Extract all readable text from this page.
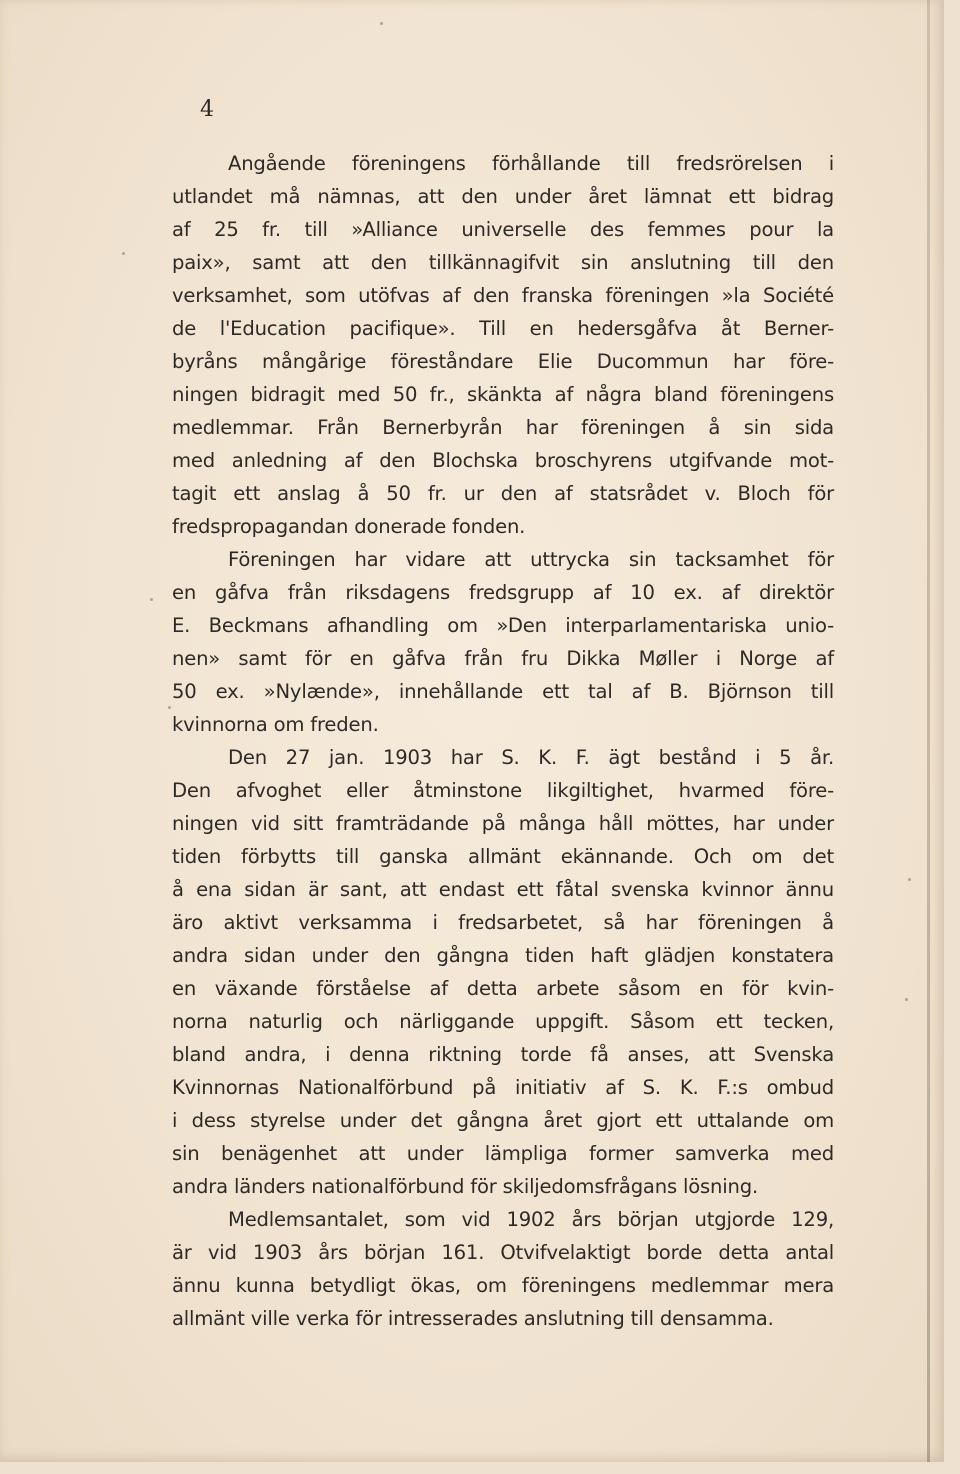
4
Angående föreningens förhållande till fredsrörelsen i
utlandet må nämnas, att den under året lämnat ett bidrag
af 25 fr. till »Alliance universelle des femmes pour la
paix», samt att den tillkännagifvit sin anslutning till den
verksamhet, som utöfvas af den franska föreningen »la Société
de l'Education pacifique». Till en hedersgåfva åt Berner-
byråns mångårige föreståndare Elie Ducommun har före-
ningen bidragit med 50 fr., skänkta af några bland föreningens
medlemmar. Från Bernerbyrån har föreningen å sin sida
med anledning af den Blochska broschyrens utgifvande mot-
tagit ett anslag å 50 fr. ur den af statsrådet v. Bloch för
fredspropagandan donerade fonden.
Föreningen har vidare att uttrycka sin tacksamhet för
en gåfva från riksdagens fredsgrupp af 10 ex. af direktör
E. Beckmans afhandling om »Den interparlamentariska unio-
nen» samt för en gåfva från fru Dikka Møller i Norge af
50 ex. »Nylænde», innehållande ett tal af B. Björnson till
kvinnorna om freden.
Den 27 jan. 1903 har S. K. F. ägt bestånd i 5 år.
Den afvoghet eller åtminstone likgiltighet, hvarmed före-
ningen vid sitt framträdande på många håll möttes, har under
tiden förbytts till ganska allmänt ekännande. Och om det
å ena sidan är sant, att endast ett fåtal svenska kvinnor ännu
äro aktivt verksamma i fredsarbetet, så har föreningen å
andra sidan under den gångna tiden haft glädjen konstatera
en växande förståelse af detta arbete såsom en för kvin-
norna naturlig och närliggande uppgift. Såsom ett tecken,
bland andra, i denna riktning torde få anses, att Svenska
Kvinnornas Nationalförbund på initiativ af S. K. F.:s ombud
i dess styrelse under det gångna året gjort ett uttalande om
sin benägenhet att under lämpliga former samverka med
andra länders nationalförbund för skiljedomsfrågans lösning.
Medlemsantalet, som vid 1902 års början utgjorde 129,
är vid 1903 års början 161. Otvifvelaktigt borde detta antal
ännu kunna betydligt ökas, om föreningens medlemmar mera
allmänt ville verka för intresserades anslutning till densamma.
